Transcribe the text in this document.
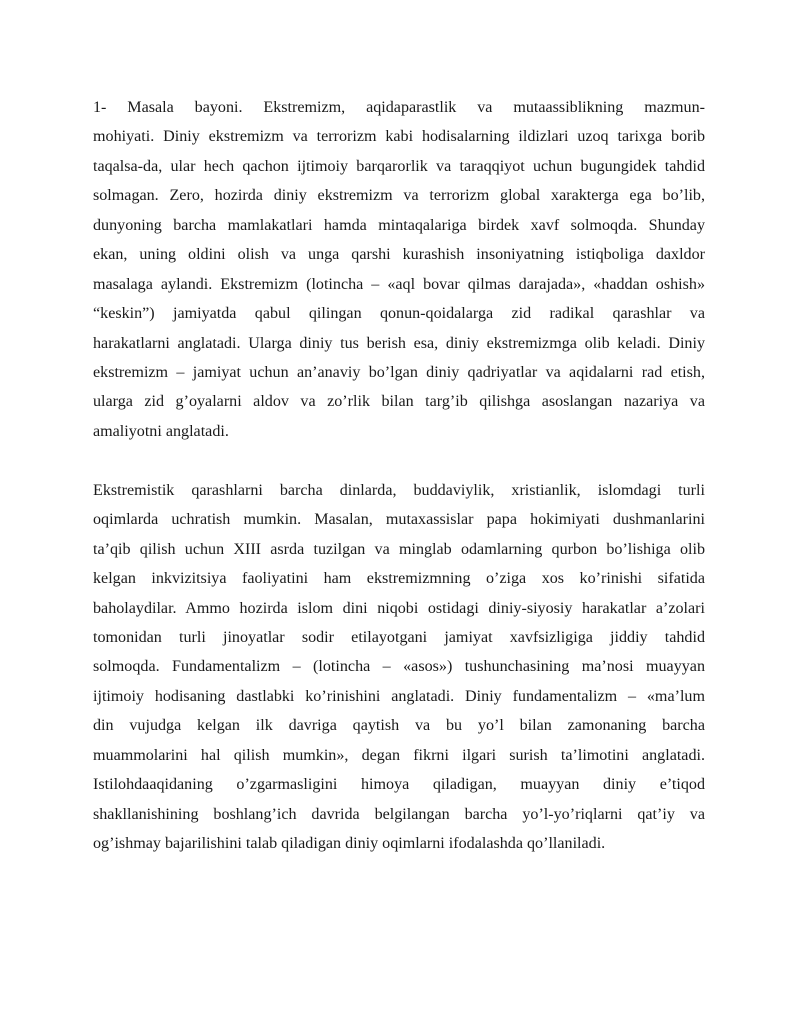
1- Masala bayoni. Ekstremizm, aqidaparastlik va mutaassiblikning mazmun-
mohiyati. Diniy ekstremizm va terrorizm kabi hodisalarning ildizlari uzoq tarixga borib
taqalsa-da, ular hech qachon ijtimoiy barqarorlik va taraqqiyot uchun bugungidek tahdid
solmagan. Zero, hozirda diniy ekstremizm va terrorizm global xarakterga ega bo’lib,
dunyoning barcha mamlakatlari hamda mintaqalariga birdek xavf solmoqda. Shunday
ekan, uning oldini olish va unga qarshi kurashish insoniyatning istiqboliga daxldor
masalaga aylandi. Ekstremizm (lotincha – «aql bovar qilmas darajada», «haddan oshish»
“keskin”) jamiyatda qabul qilingan qonun-qoidalarga zid radikal qarashlar va
harakatlarni anglatadi. Ularga diniy tus berish esa, diniy ekstremizmga olib keladi. Diniy
ekstremizm – jamiyat uchun an’anaviy bo’lgan diniy qadriyatlar va aqidalarni rad etish,
ularga zid g’oyalarni aldov va zo’rlik bilan targ’ib qilishga asoslangan nazariya va
amaliyotni anglatadi.
Ekstremistik qarashlarni barcha dinlarda, buddaviylik, xristianlik, islomdagi turli
oqimlarda uchratish mumkin. Masalan, mutaxassislar papa hokimiyati dushmanlarini
ta’qib qilish uchun XIII asrda tuzilgan va minglab odamlarning qurbon bo’lishiga olib
kelgan inkvizitsiya faoliyatini ham ekstremizmning o’ziga xos ko’rinishi sifatida
baholaydilar. Ammo hozirda islom dini niqobi ostidagi diniy-siyosiy harakatlar a’zolari
tomonidan turli jinoyatlar sodir etilayotgani jamiyat xavfsizligiga jiddiy tahdid
solmoqda. Fundamentalizm – (lotincha – «asos») tushunchasining ma’nosi muayyan
ijtimoiy hodisaning dastlabki ko’rinishini anglatadi. Diniy fundamentalizm – «ma’lum
din vujudga kelgan ilk davriga qaytish va bu yo’l bilan zamonaning barcha
muammolarini hal qilish mumkin», degan fikrni ilgari surish ta’limotini anglatadi.
Istilohdaaqidaning o’zgarmasligini himoya qiladigan, muayyan diniy e’tiqod
shakllanishining boshlang’ich davrida belgilangan barcha yo’l-yo’riqlarni qat’iy va
og’ishmay bajarilishini talab qiladigan diniy oqimlarni ifodalashda qo’llaniladi.
